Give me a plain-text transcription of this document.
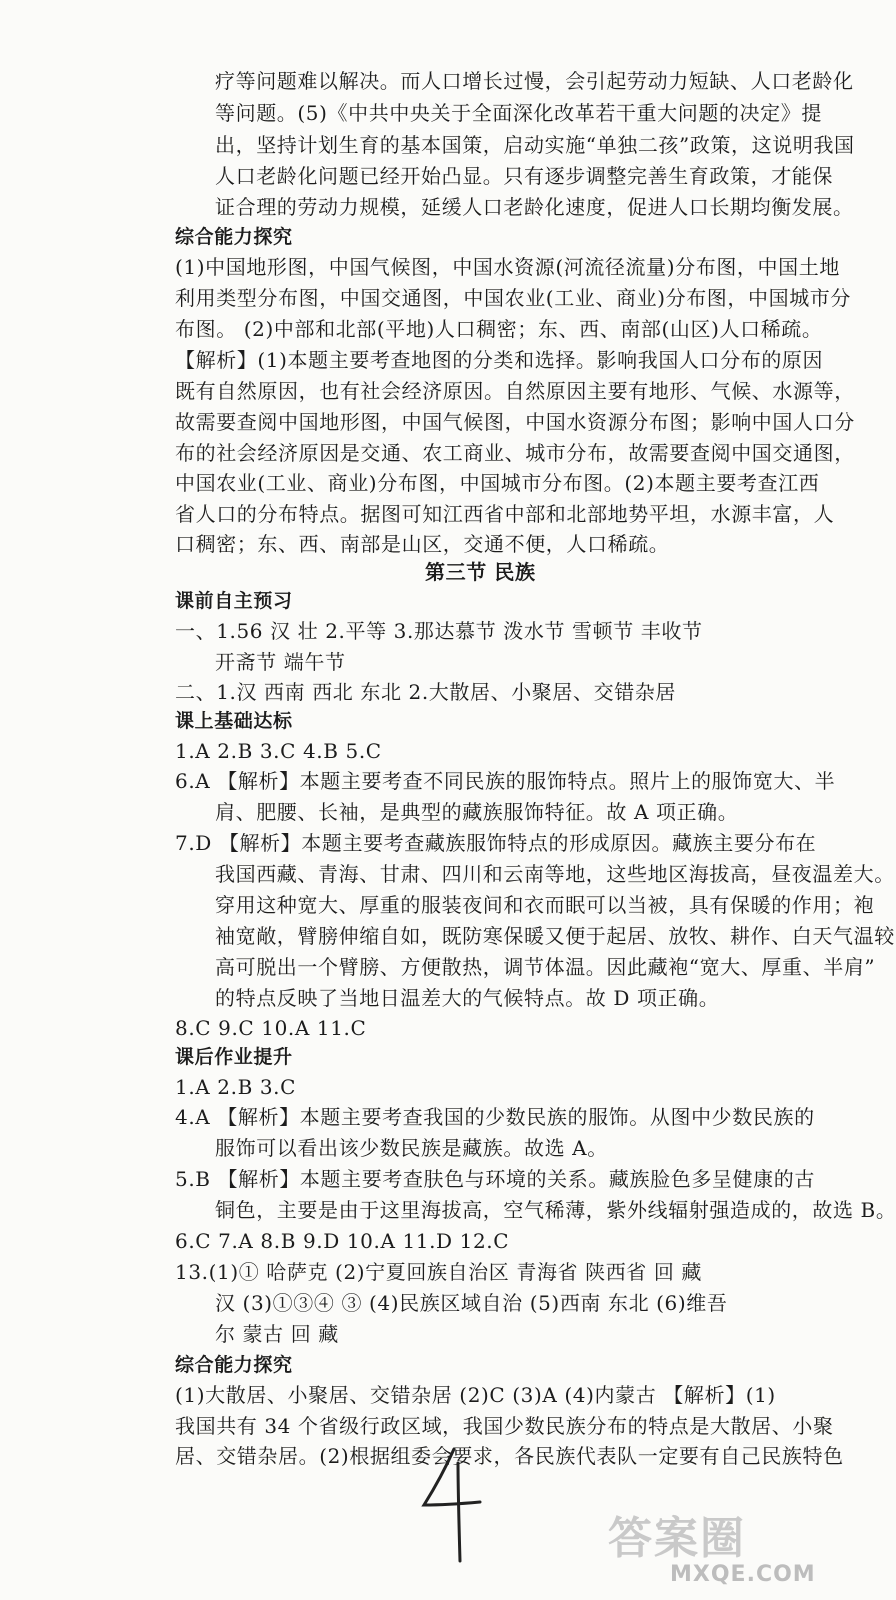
疗等问题难以解决。而人口增长过慢，会引起劳动力短缺、人口老龄化
等问题。(5)《中共中央关于全面深化改革若干重大问题的决定》提
出，坚持计划生育的基本国策，启动实施“单独二孩”政策，这说明我国
人口老龄化问题已经开始凸显。只有逐步调整完善生育政策，才能保
证合理的劳动力规模，延缓人口老龄化速度，促进人口长期均衡发展。
综合能力探究
(1)中国地形图，中国气候图，中国水资源(河流径流量)分布图，中国土地
利用类型分布图，中国交通图，中国农业(工业、商业)分布图，中国城市分
布图。 (2)中部和北部(平地)人口稠密；东、西、南部(山区)人口稀疏。
【解析】(1)本题主要考查地图的分类和选择。影响我国人口分布的原因
既有自然原因，也有社会经济原因。自然原因主要有地形、气候、水源等，
故需要查阅中国地形图，中国气候图，中国水资源分布图；影响中国人口分
布的社会经济原因是交通、农工商业、城市分布，故需要查阅中国交通图，
中国农业(工业、商业)分布图，中国城市分布图。(2)本题主要考查江西
省人口的分布特点。据图可知江西省中部和北部地势平坦，水源丰富，人
口稠密；东、西、南部是山区，交通不便，人口稀疏。
第三节 民族
课前自主预习
一、1.56 汉 壮 2.平等 3.那达慕节 泼水节 雪顿节 丰收节
开斋节 端午节
二、1.汉 西南 西北 东北 2.大散居、小聚居、交错杂居
课上基础达标
1.A 2.B 3.C 4.B 5.C
6.A 【解析】本题主要考查不同民族的服饰特点。照片上的服饰宽大、半
肩、肥腰、长袖，是典型的藏族服饰特征。故 A 项正确。
7.D 【解析】本题主要考查藏族服饰特点的形成原因。藏族主要分布在
我国西藏、青海、甘肃、四川和云南等地，这些地区海拔高，昼夜温差大。
穿用这种宽大、厚重的服装夜间和衣而眠可以当被，具有保暖的作用；袍
袖宽敞，臂膀伸缩自如，既防寒保暖又便于起居、放牧、耕作、白天气温较
高可脱出一个臂膀、方便散热，调节体温。因此藏袍“宽大、厚重、半肩”
的特点反映了当地日温差大的气候特点。故 D 项正确。
8.C 9.C 10.A 11.C
课后作业提升
1.A 2.B 3.C
4.A 【解析】本题主要考查我国的少数民族的服饰。从图中少数民族的
服饰可以看出该少数民族是藏族。故选 A。
5.B 【解析】本题主要考查肤色与环境的关系。藏族脸色多呈健康的古
铜色，主要是由于这里海拔高，空气稀薄，紫外线辐射强造成的，故选 B。
6.C 7.A 8.B 9.D 10.A 11.D 12.C
13.(1)① 哈萨克 (2)宁夏回族自治区 青海省 陕西省 回 藏
汉 (3)①③④ ③ (4)民族区域自治 (5)西南 东北 (6)维吾
尔 蒙古 回 藏
综合能力探究
(1)大散居、小聚居、交错杂居 (2)C (3)A (4)内蒙古 【解析】(1)
我国共有 34 个省级行政区域，我国少数民族分布的特点是大散居、小聚
居、交错杂居。(2)根据组委会要求，各民族代表队一定要有自己民族特色
答案圈
MXQE.COM
